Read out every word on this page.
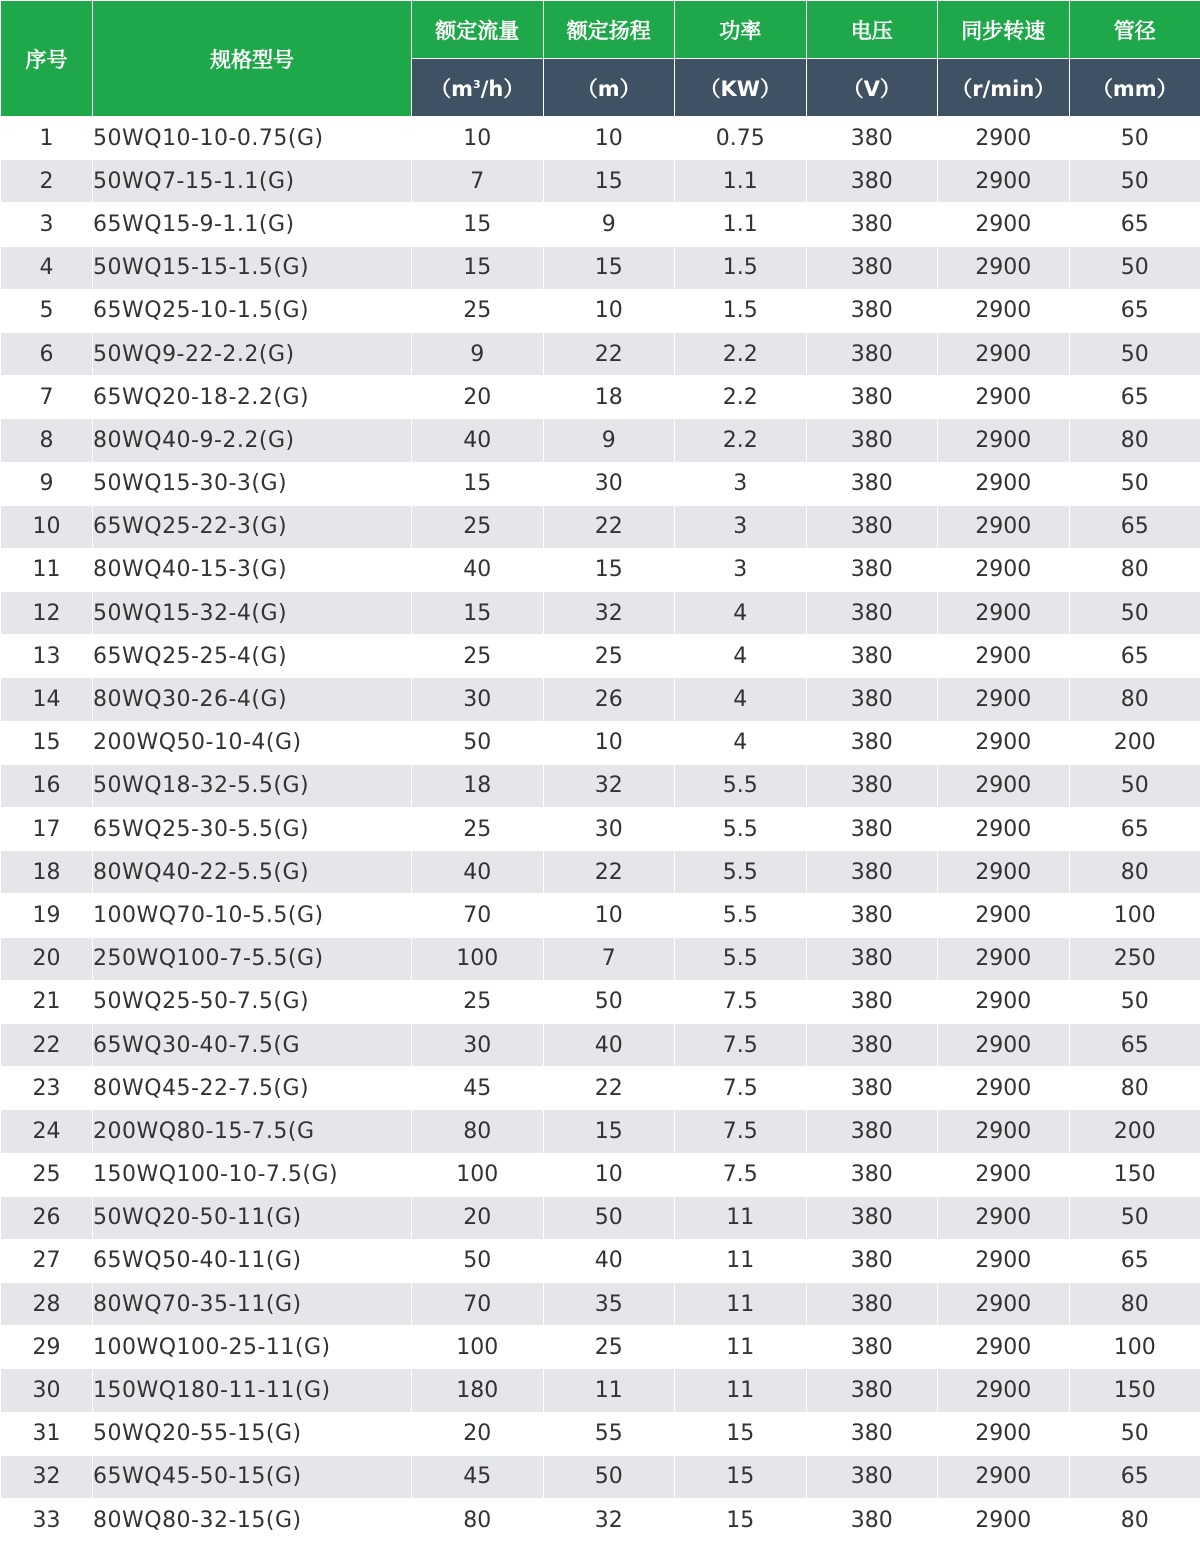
序号	规格型号	额定流量	额定扬程	功率	电压	同步转速	管径
		$(m^3/h)$	（m）	（KW）	（V）	（r/min）	（mm）
1	50WQ10-10-0.75(G)	10	10	0.75	380	2900	50
2	50WQ7-15-1.1(G)	7	15	1.1	380	2900	50
3	65WQ15-9-1.1(G)	15	9	1.1	380	2900	65
4	50WQ15-15-1.5(G)	15	15	1.5	380	2900	50
5	65WQ25-10-1.5(G)	25	10	1.5	380	2900	65
6	50WQ9-22-2.2(G)	9	22	2.2	380	2900	50
7	65WQ20-18-2.2(G)	20	18	2.2	380	2900	65
8	80WQ40-9-2.2(G)	40	9	2.2	380	2900	80
9	50WQ15-30-3(G)	15	30	3	380	2900	50
10	65WQ25-22-3(G)	25	22	3	380	2900	65
11	80WQ40-15-3(G)	40	15	3	380	2900	80
12	50WQ15-32-4(G)	15	32	4	380	2900	50
13	65WQ25-25-4(G)	25	25	4	380	2900	65
14	80WQ30-26-4(G)	30	26	4	380	2900	80
15	200WQ50-10-4(G)	50	10	4	380	2900	200
16	50WQ18-32-5.5(G)	18	32	5.5	380	2900	50
17	65WQ25-30-5.5(G)	25	30	5.5	380	2900	65
18	80WQ40-22-5.5(G)	40	22	5.5	380	2900	80
19	100WQ70-10-5.5(G)	70	10	5.5	380	2900	100
20	250WQ100-7-5.5(G)	100	7	5.5	380	2900	250
21	50WQ25-50-7.5(G)	25	50	7.5	380	2900	50
22	65WQ30-40-7.5(G	30	40	7.5	380	2900	65
23	80WQ45-22-7.5(G)	45	22	7.5	380	2900	80
24	200WQ80-15-7.5(G	80	15	7.5	380	2900	200
25	150WQ100-10-7.5(G)	100	10	7.5	380	2900	150
26	50WQ20-50-11(G)	20	50	11	380	2900	50
27	65WQ50-40-11(G)	50	40	11	380	2900	65
28	80WQ70-35-11(G)	70	35	11	380	2900	80
29	100WQ100-25-11(G)	100	25	11	380	2900	100
30	150WQ180-11-11(G)	180	11	11	380	2900	150
31	50WQ20-55-15(G)	20	55	15	380	2900	50
32	65WQ45-50-15(G)	45	50	15	380	2900	65
33	80WQ80-32-15(G)	80	32	15	380	2900	80
